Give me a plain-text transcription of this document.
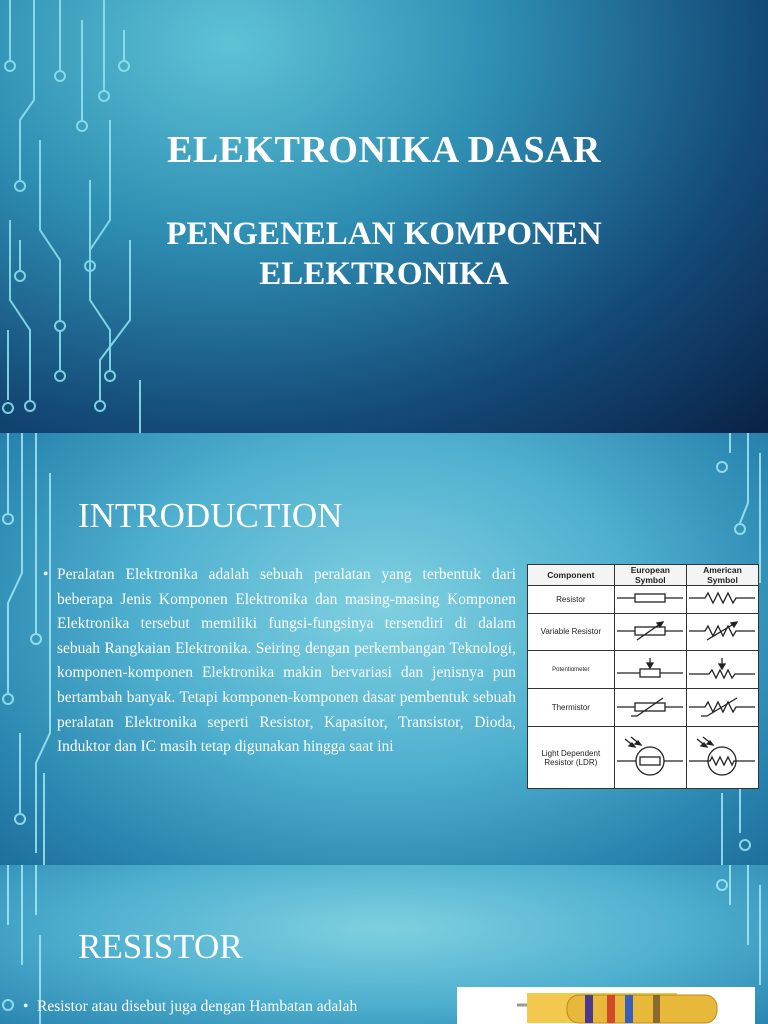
ELEKTRONIKA DASAR
PENGENELAN KOMPONEN
ELEKTRONIKA
INTRODUCTION
• Peralatan Elektronika adalah sebuah peralatan yang terbentuk dari beberapa Jenis Komponen Elektronika dan masing-masing Komponen Elektronika tersebut memiliki fungsi-fungsinya tersendiri di dalam sebuah Rangkaian Elektronika. Seiring dengan perkembangan Teknologi, komponen-komponen Elektronika makin bervariasi dan jenisnya pun bertambah banyak. Tetapi komponen-komponen dasar pembentuk sebuah peralatan Elektronika seperti Resistor, Kapasitor, Transistor, Dioda, Induktor dan IC masih tetap digunakan hingga saat ini
Component	European Symbol	American Symbol
Resistor		
Variable Resistor		
Potentiometer		
Thermistor		
Light Dependent Resistor (LDR)		
RESISTOR
• Resistor atau disebut juga dengan Hambatan adalah
